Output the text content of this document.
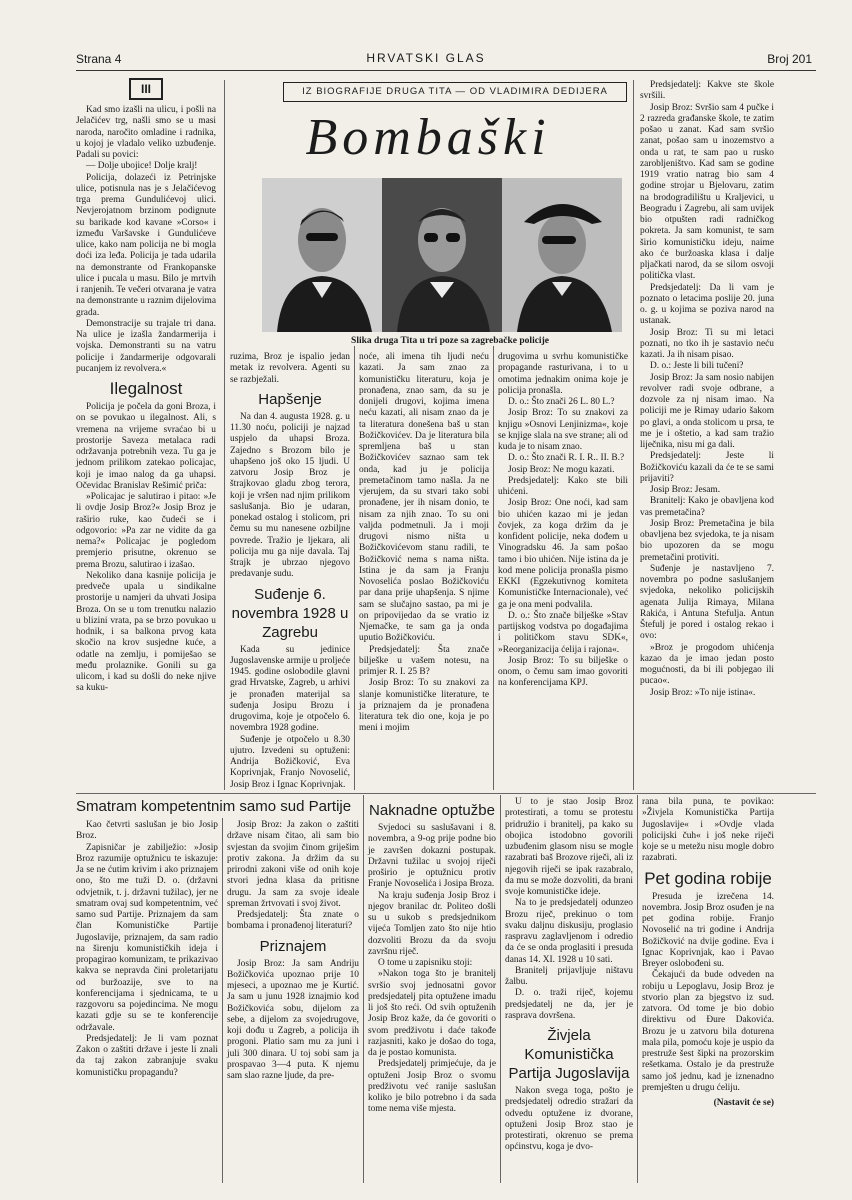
Strana 4	HRVATSKI GLAS	Broj 201
III

Kad smo izašli na ulicu, i pošli na Jelačićev trg, našli smo se u masi naroda, naročito omladine i radnika, u kojoj je vladalo veliko uzbuđenje. Padali su povici:

— Dolje ubojice! Dolje kralj!

Policija, dolazeći iz Petrinjske ulice, potisnula nas je s Jelačićevog trga prema Gundulićevoj ulici. Nevjerojatnom brzinom podignute su barikade kod kavane »Corso« i između Varšavske i Gundulićeve ulice, kako nam policija ne bi mogla doći iza leđa. Policija je tada udarila na demonstrante od Frankopanske ulice i pucala u masu. Bilo je mrtvih i ranjenih. Te večeri otvarana je vatra na demonstrante u raznim dijelovima grada.

Demonstracije su trajale tri dana. Na ulice je izašla žandarmerija i vojska. Demonstranti su na vatru policije i žandarmerije odgovarali pucanjem iz revolvera.«

Ilegalnost

Policija je počela da goni Broza, i on se povukao u ilegalnost. Ali, s vremena na vrijeme svraćao bi u prostorije Saveza metalaca radi održavanja potrebnih veza. Tu ga je jednom prilikom zatekao policajac, koji je imao nalog da ga uhapsi. Očevidac Branislav Rešimić priča:

»Policajac je salutirao i pitao: »Je li ovdje Josip Broz?« Josip Broz je raširio ruke, kao čudeći se i odgovorio: »Pa zar ne vidite da ga nema?« Policajac je pogledom premjerio prisutne, okrenuo se prema Brozu, salutirao i izašao.

Nekoliko dana kasnije policija je predveče upala u sindikalne prostorije u namjeri da uhvati Josipa Broza. On se u tom trenutku nalazio u blizini vrata, pa se brzo povukao u hodnik, i sa balkona prvog kata skočio na krov susjedne kuće, a odatle na zemlju, i pomiješao se među prolaznike. Gonili su ga ulicom, i kad su došli do neke njive sa kuku-

IZ BIOGRAFIJE DRUGA TITA — OD VLADIMIRA DEDIJERA
Bombaški
Slika druga Tita u tri poze sa zagrebačke policije

ruzima, Broz je ispalio jedan metak iz revolvera. Agenti su se razbježali.

Hapšenje

Na dan 4. augusta 1928. g. u 11.30 noću, policiji je najzad uspjelo da uhapsi Broza. Zajedno s Brozom bilo je uhapšeno još oko 15 ljudi. U zatvoru Josip Broz je štrajkovao gladu zbog terora, koji je vršen nad njim prilikom saslušanja. Bio je udaran, ponekad ostalog i stolicom, pri čemu su mu nanesene ozbiljne povrede. Tražio je ljekara, ali policija mu ga nije davala. Taj štrajk je ubrzao njegovo predavanje sudu.

Suđenje 6. novembra 1928 u Zagrebu

Kada su jedinice Jugoslavenske armije u proljeće 1945. godine oslobodile glavni grad Hrvatske, Zagreb, u arhivi je pronađen materijal sa suđenja Josipu Brozu i drugovima, koje je otpočelo 6. novembra 1928 godine.

Suđenje je otpočelo u 8.30 ujutro. Izvedeni su optuženi: Andrija Božičković, Eva Koprivnjak, Franjo Novoselić, Josip Broz i Ignac Koprivnjak.

noće, ali imena tih ljudi neću kazati. Ja sam znao za komunističku literaturu, koja je pronađena, znao sam, da su je donijeli drugovi, kojima imena neću kazati, ali nisam znao da je ta literatura donešena baš u stan Božičkovićev. Da je literatura bila spremljena baš u stan Božičkovićev saznao sam tek onda, kad ju je policija premetačinom tamo našla. Ja ne vjerujem, da su stvari tako sobi pronađene, jer ih nisam donio, te nisam za njih znao. To su oni valjda podmetnuli. Ja i moji drugovi nismo ništa u Božičkovićevom stanu radili, te Božičković nema s nama ništa. Istina je da sam ja Franju Novoselića poslao Božičkoviću par dana prije uhapšenja. S njime sam se slučajno sastao, pa mi je on pripovijedao da se vratio iz Njemačke, te sam ga ja onda uputio Božičkoviću.

Predsjedatelj: Šta znače bilješke u vašem notesu, na primjer R. I. 25 B?

Josip Broz: To su znakovi za slanje komunističke literature, te ja priznajem da je pronađena literatura tek dio one, koja je po meni i mojim

drugovima u svrhu komunističke propagande rasturivana, i to u omotima jednakim onima koje je policija pronašla.

D. o.: Što znači 26 L. 80 L.?

Josip Broz: To su znakovi za knjigu »Osnovi Lenjinizma«, koje se knjige slala na sve strane; ali od kuda je to nisam znao.

D. o.: Što znači R. I. R.. II. B.?

Josip Broz: Ne mogu kazati.

Predsjedatelj: Kako ste bili uhićeni.

Josip Broz: One noći, kad sam bio uhićen kazao mi je jedan čovjek, za koga držim da je konfident policije, neka dođem u Vinogradsku 46. Ja sam pošao tamo i bio uhićen. Nije istina da je kod mene policija pronašla pismo EKKI (Egzekutivnog komiteta Komunističke Internacionale), već ga je ona meni podvalila.

D. o.: Što znače bilješke »Stav partijskog vodstva po događajima i političkom stavu SDK«, »Reorganizacija ćelija i rajona«.

Josip Broz: To su bilješke o onom, o čemu sam imao govoriti na konferencijama KPJ.

Predsjedatelj: Kakve ste škole svršili.

Josip Broz: Svršio sam 4 pučke i 2 razreda građanske škole, te zatim pošao u zanat. Kad sam svršio zanat, pošao sam u inozemstvo a onda u rat, te sam pao u rusko zarobljeništvo. Kad sam se godine 1919 vratio natrag bio sam 4 godine strojar u Bjelovaru, zatim na brodogradilištu u Kraljevici, u Beogradu i Zagrebu, ali sam uvijek bio otpušten radi radničkog pokreta. Ja sam komunist, te sam širio komunističku ideju, naime ako će buržoaska klasa i dalje pljačkati narod, da se silom osvoji politička vlast.

Predsjedatelj: Da li vam je poznato o letacima poslije 20. juna o. g. u kojima se poziva narod na ustanak.

Josip Broz: Ti su mi letaci poznati, no tko ih je sastavio neću kazati. Ja ih nisam pisao.

D. o.: Jeste li bili tučeni?

Josip Broz: Ja sam nosio nabijen revolver radi svoje odbrane, a dozvole za nj nisam imao. Na policiji me je Rimay udario šakom po glavi, a onda stolicom u prsa, te me je i oštetio, a kad sam tražio liječnika, nisu mi ga dali.

Predsjedatelj: Jeste li Božičkoviću kazali da će te se sami prijaviti?

Josip Broz: Jesam.

Branitelj: Kako je obavljena kod vas premetačina?

Josip Broz: Premetačina je bila obavljena bez svjedoka, te ja nisam bio upozoren da se mogu premetačini protiviti.

Suđenje je nastavljeno 7. novembra po podne saslušanjem svjedoka, nekoliko policijskih agenata Julija Rimaya, Milana Rakića, i Antuna Stefulja. Antun Štefulj je pored i ostalog rekao i ovo:

»Broz je progodom uhićenja kazao da je imao jedan posto mogućnosti, da bi ili pobjegao ili pucao«.

Josip Broz: »To nije istina«.

Smatram kompetentnim samo sud Partije

Kao četvrti saslušan je bio Josip Broz.

Zapisničar je zabilježio: »Josip Broz razumije optužnicu te iskazuje: Ja se ne ćutim krivim i ako priznajem ono, što me tuži D. o. (državni odvjetnik, t. j. državni tužilac), jer ne smatram ovaj sud kompetentnim, već samo sud Partije. Priznajem da sam član Komunističke Partije Jugoslavije, priznajem, da sam radio na širenju komunističkih ideja i propagirao komunizam, te prikazivao kakva se nepravda čini proletarijatu od buržoazije, sve to na konferencijama i sjednicama, te u razgovoru sa pojedincima. Ne mogu kazati gdje su se te konferencije održavale.

Predsjedatelj: Je li vam poznat Zakon o zaštiti države i jeste li znali da taj zakon zabranjuje svaku komunističku propagandu?

Josip Broz: Ja zakon o zaštiti države nisam čitao, ali sam bio svjestan da svojim činom griješim protiv zakona. Ja držim da su prirodni zakoni više od onih koje stvori jedna klasa da pritisne drugu. Ja sam za svoje ideale spreman žrtvovati i svoj život.

Predsjedatelj: Šta znate o bombama i pronađenoj literaturi?

Priznajem

Josip Broz: Ja sam Andriju Božičkovića upoznao prije 10 mjeseci, a upoznao me je Kurtić. Ja sam u junu 1928 iznajmio kod Božičkovića sobu, dijelom za sebe, a dijelom za svojedrugove, koji dođu u Zagreb, a policija ih progoni. Platio sam mu za juni i juli 300 dinara. U toj sobi sam ja prospavao 3—4 puta. K njemu sam slao razne ljude, da pre-

Naknadne optužbe

Svjedoci su saslušavani i 8. novembra, a 9-og prije podne bio je završen dokazni postupak. Državni tužilac u svojoj riječi proširio je optužnicu protiv Franje Novoselića i Josipa Broza.

Na kraju suđenja Josip Broz i njegov branilac dr. Politeo došli su u sukob s predsjednikom vijeća Tomljen zato što nije htio dozvoliti Brozu da da svoju završnu riječ.

O tome u zapisniku stoji:

»Nakon toga što je branitelj svršio svoj jednosatni govor predsjedatelj pita optužene imadu li još što reći. Od svih optuženih Josip Broz kaže, da će govoriti o svom predživotu i daće takođe razjasniti, kako je došao do toga, da je postao komunista.

Predsjedatelj primjećuje, da je optuženi Josip Broz o svomu predživotu već ranije saslušan koliko je bilo potrebno i da sada tome nema više mjesta.

U to je stao Josip Broz protestirati, a tomu se protestu pridružio i branitelj, pa kako su obojica istodobno govorili uzbuđenim glasom nisu se mogle razabrati baš Brozove riječi, ali iz njegovih riječi se ipak razabralo, da mu se može dozvoliti, da brani svoje komunističke ideje.

Na to je predsjedatelj odunzeo Brozu riječ, prekinuo o tom svaku daljnu diskusiju, proglasio raspravu zaglavljenom i odredio da će se onda proglasiti i presuda danas 14. XI. 1928 u 10 sati.

Branitelj prijavljuje ništavu žalbu.

D. o. traži riječ, kojemu predsjedatelj ne da, jer je rasprava dovršena.

Živjela Komunistička Partija Jugoslavija

Nakon svega toga, pošto je predsjedatelj odredio stražari da odvedu optužene iz dvorane, optuženi Josip Broz stao je protestirati, okrenuo se prema općinstvu, koga je dvo-

rana bila puna, te povikao: »Živjela Komunistička Partija Jugoslavije« i »Ovdje vlada policijski čuh« i još neke riječi koje se u metežu nisu mogle dobro razabrati.

Pet godina robije

Presuda je izrečena 14. novembra. Josip Broz osuđen je na pet godina robije. Franjo Novoselić na tri godine i Andrija Božičković na dvije godine. Eva i Ignac Koprivnjak, kao i Pavao Breyer oslobođeni su.

Čekajući da bude odveden na robiju u Lepoglavu, Josip Broz je stvorio plan za bjegstvo iz sud. zatvora. Od tome je bio dobio direktivu od Đure Dakovića. Brozu je u zatvoru bila doturena mala pila, pomoću koje je uspio da prestruže šest šipki na prozorskim rešetkama. Ostalo je da prestruže samo još jednu, kad je iznenadno premješten u drugu ćeliju.

(Nastavit će se)
